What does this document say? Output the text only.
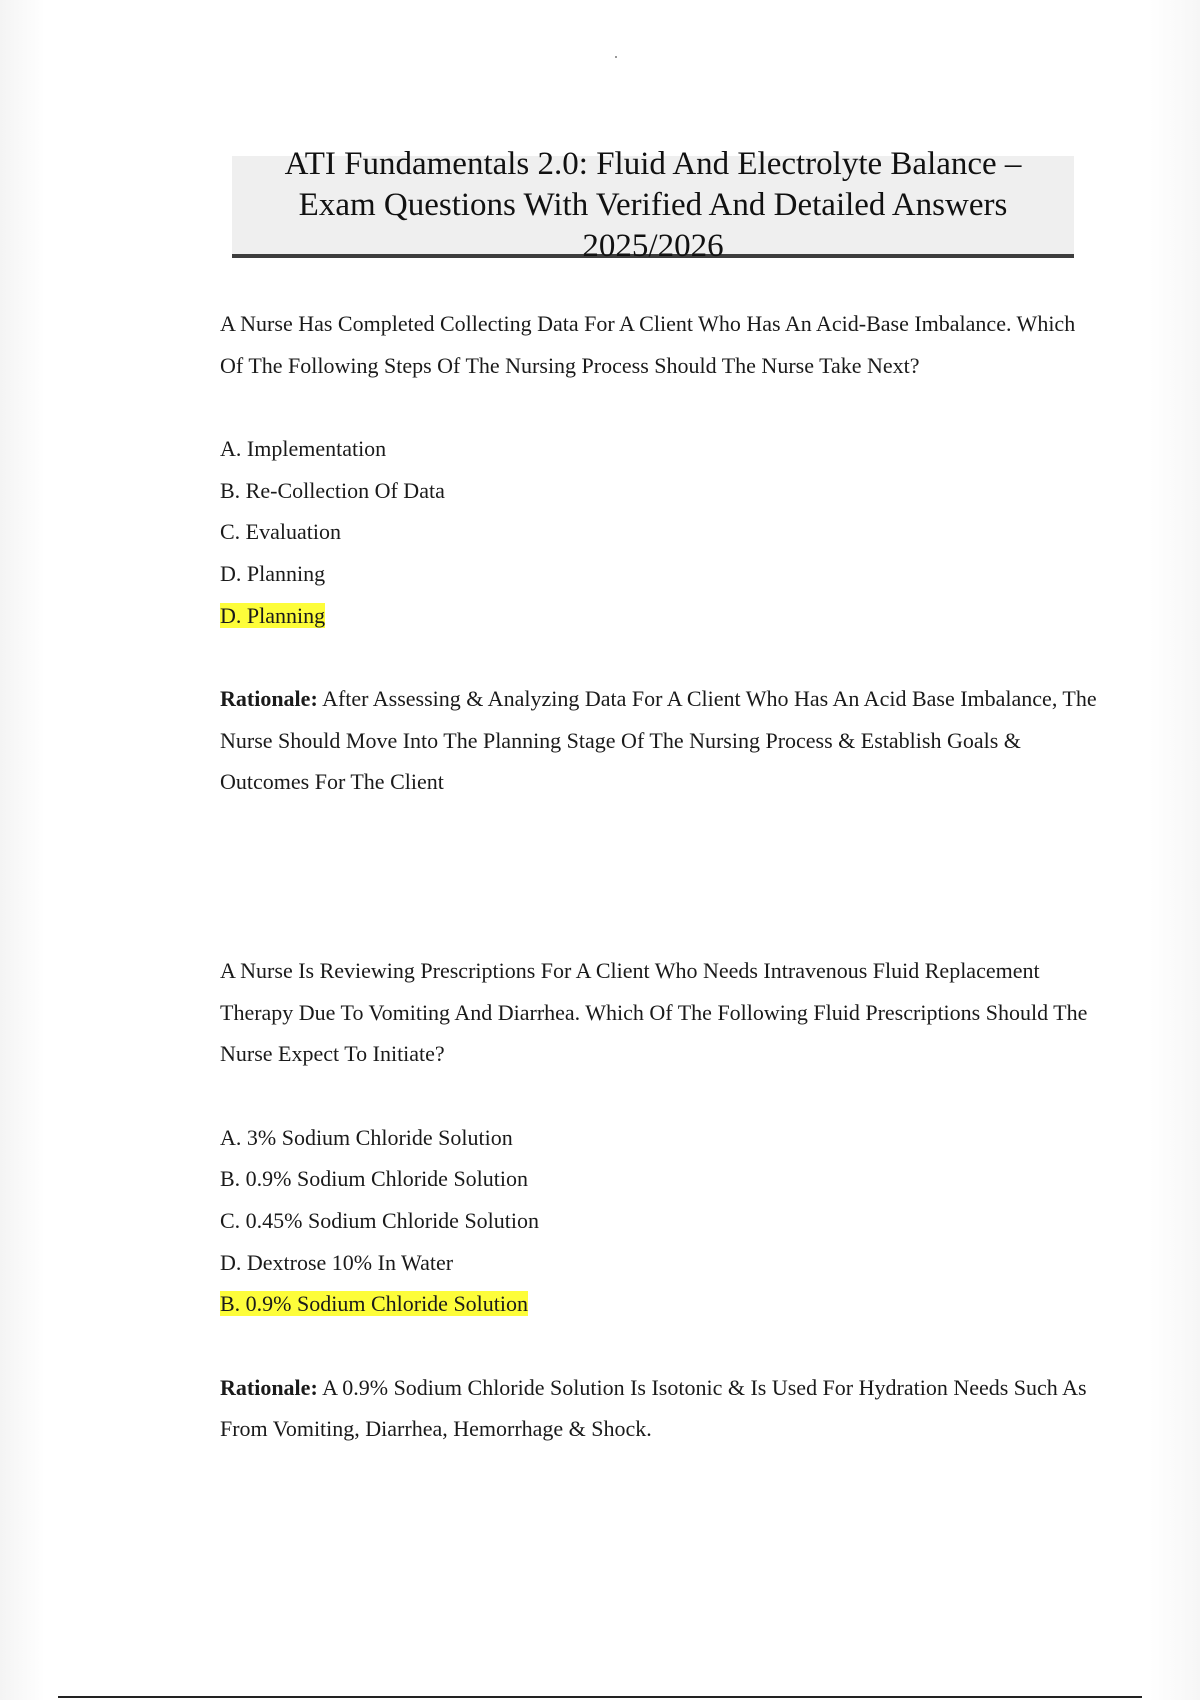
ATI Fundamentals 2.0: Fluid And Electrolyte Balance – Exam Questions With Verified And Detailed Answers 2025/2026

A Nurse Has Completed Collecting Data For A Client Who Has An Acid-Base Imbalance. Which Of The Following Steps Of The Nursing Process Should The Nurse Take Next?

A. Implementation

B. Re-Collection Of Data

C. Evaluation

D. Planning

D. Planning

Rationale: After Assessing & Analyzing Data For A Client Who Has An Acid Base Imbalance, The Nurse Should Move Into The Planning Stage Of The Nursing Process & Establish Goals & Outcomes For The Client

A Nurse Is Reviewing Prescriptions For A Client Who Needs Intravenous Fluid Replacement Therapy Due To Vomiting And Diarrhea. Which Of The Following Fluid Prescriptions Should The Nurse Expect To Initiate?

A. 3% Sodium Chloride Solution

B. 0.9% Sodium Chloride Solution

C. 0.45% Sodium Chloride Solution

D. Dextrose 10% In Water

B. 0.9% Sodium Chloride Solution

Rationale: A 0.9% Sodium Chloride Solution Is Isotonic & Is Used For Hydration Needs Such As From Vomiting, Diarrhea, Hemorrhage & Shock.
